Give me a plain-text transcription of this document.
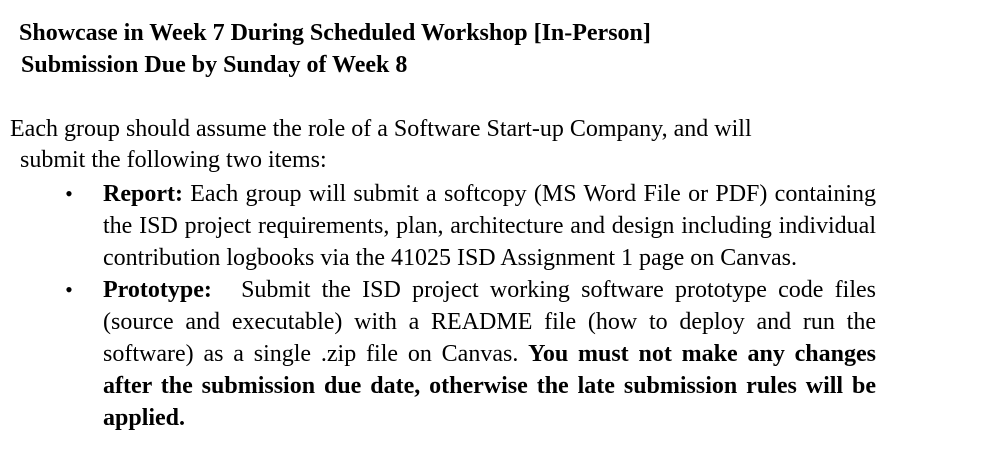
Showcase in Week 7 During Scheduled Workshop [In-Person]
Submission Due by Sunday of Week 8
Each group should assume the role of a Software Start-up Company, and will
submit the following two items:
• Report: Each group will submit a softcopy (MS Word File or PDF) containing the ISD project requirements, plan, architecture and design including individual contribution logbooks via the 41025 ISD Assignment 1 page on Canvas.
• Prototype: Submit the ISD project working software prototype code files (source and executable) with a README file (how to deploy and run the software) as a single .zip file on Canvas. You must not make any changes after the submission due date, otherwise the late submission rules will be applied.
